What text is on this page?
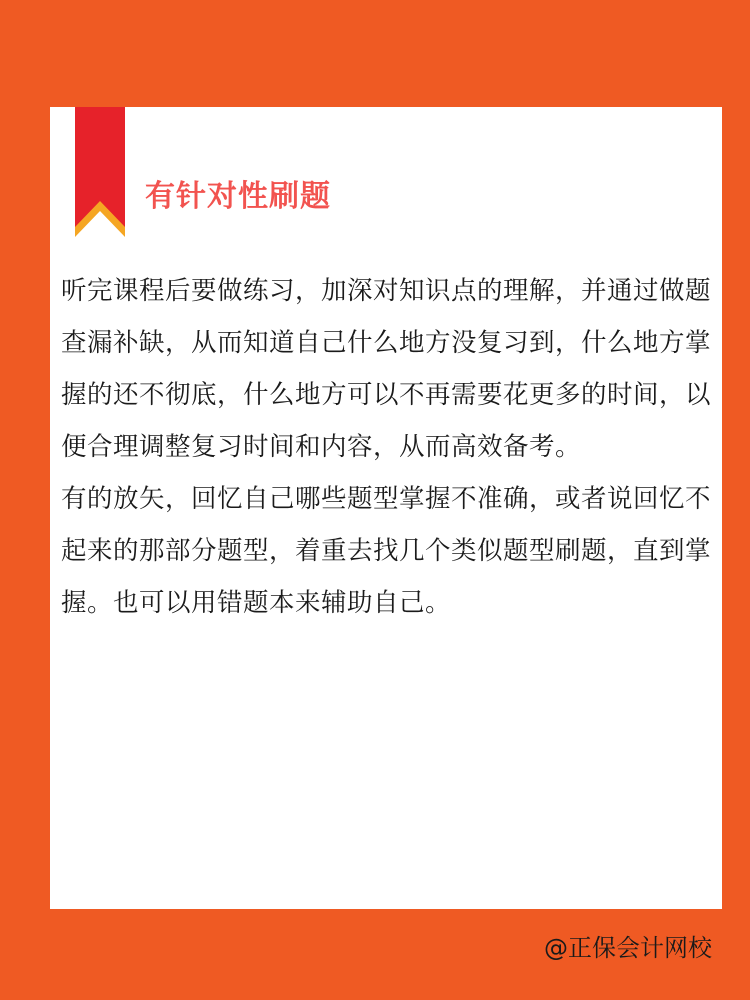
有针对性刷题

听完课程后要做练习，加深对知识点的理解，并通过做题查漏补缺，从而知道自己什么地方没复习到，什么地方掌握的还不彻底，什么地方可以不再需要花更多的时间，以便合理调整复习时间和内容，从而高效备考。

有的放矢，回忆自己哪些题型掌握不准确，或者说回忆不起来的那部分题型，着重去找几个类似题型刷题，直到掌握。也可以用错题本来辅助自己。

@正保会计网校
